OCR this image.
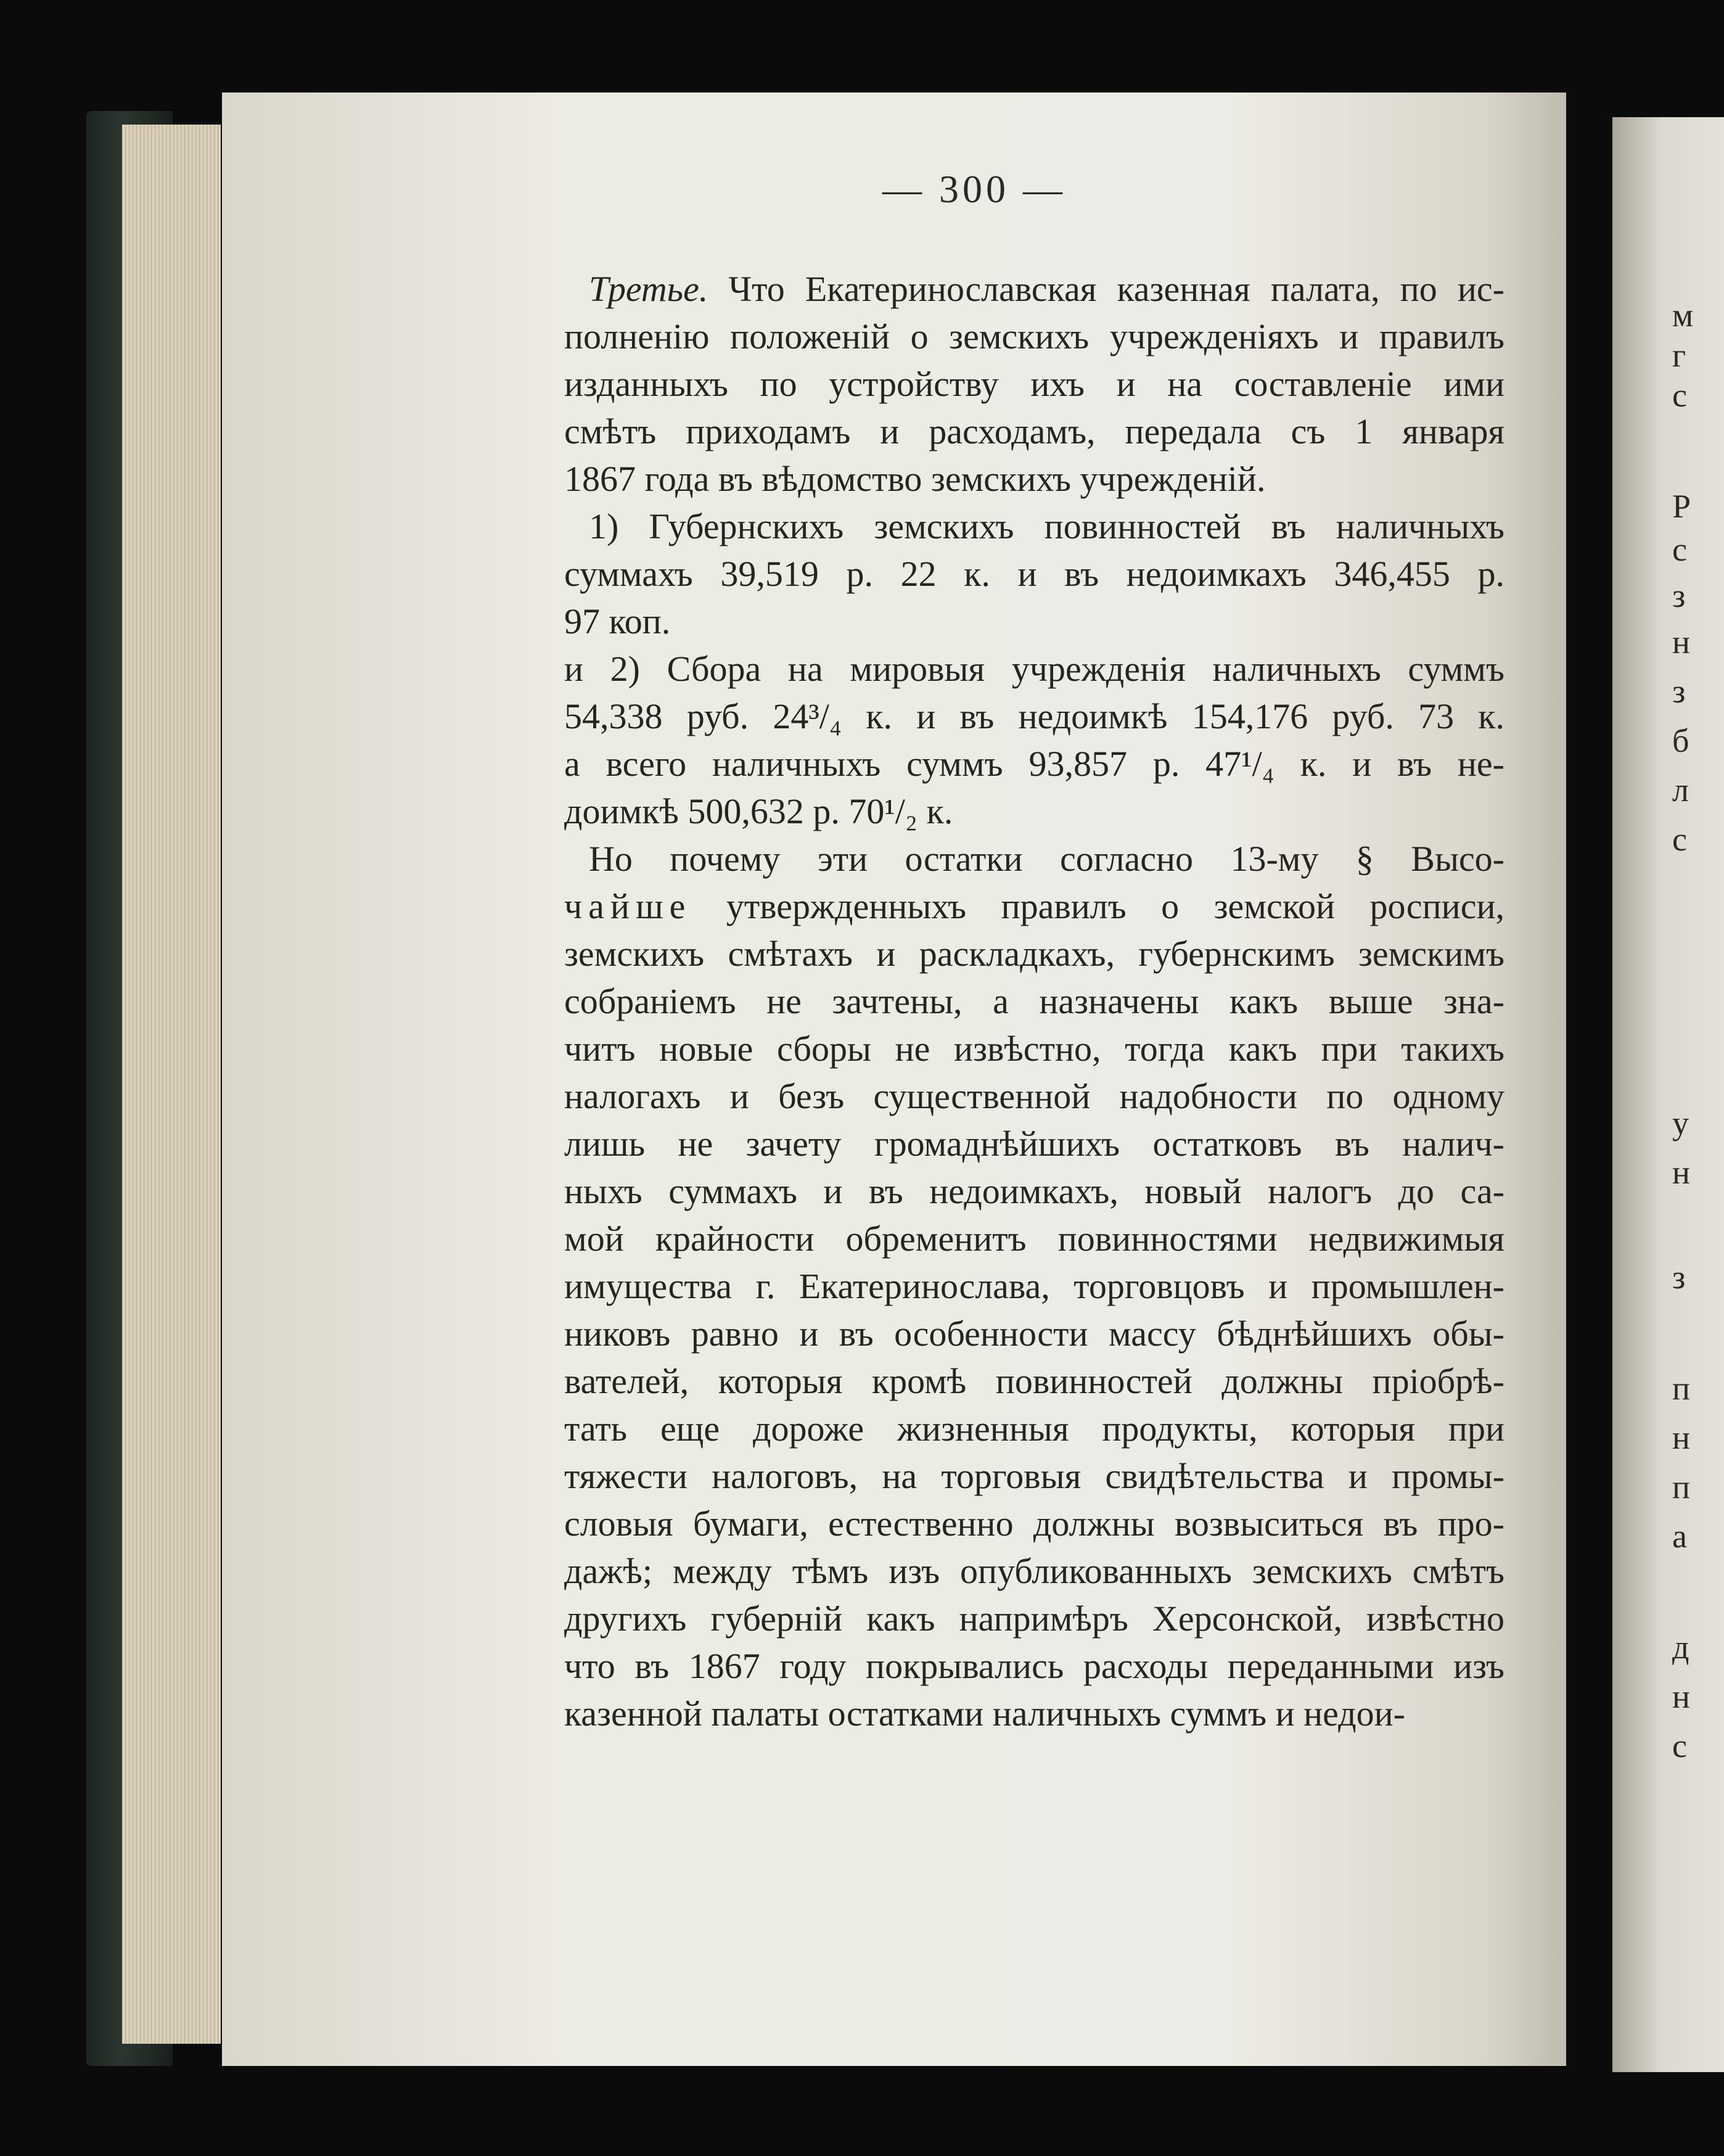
— 300 —
Третье. Что Екатеринославская казенная палата, по ис-
полненію положеній о земскихъ учрежденіяхъ и правилъ
изданныхъ по устройству ихъ и на составленіе ими
смѣтъ приходамъ и расходамъ, передала съ 1 января
1867 года въ вѣдомство земскихъ учрежденій.
1) Губернскихъ земскихъ повинностей въ наличныхъ
суммахъ 39,519 р. 22 к. и въ недоимкахъ 346,455 р.
97 коп.
и 2) Сбора на мировыя учрежденія наличныхъ суммъ
54,338 руб. 24³/₄ к. и въ недоимкѣ 154,176 руб. 73 к.
а всего наличныхъ суммъ 93,857 р. 47¹/₄ к. и въ не-
доимкѣ 500,632 р. 70¹/₂ к.
Но почему эти остатки согласно 13-му § Высо-
чайше утвержденныхъ правилъ о земской росписи,
земскихъ смѣтахъ и раскладкахъ, губернскимъ земскимъ
собраніемъ не зачтены, а назначены какъ выше зна-
читъ новые сборы не извѣстно, тогда какъ при такихъ
налогахъ и безъ существенной надобности по одному
лишь не зачету громаднѣйшихъ остатковъ въ налич-
ныхъ суммахъ и въ недоимкахъ, новый налогъ до са-
мой крайности обременитъ повинностями недвижимыя
имущества г. Екатеринослава, торговцовъ и промышлен-
никовъ равно и въ особенности массу бѣднѣйшихъ обы-
вателей, которыя кромѣ повинностей должны пріобрѣ-
тать еще дороже жизненныя продукты, которыя при
тяжести налоговъ, на торговыя свидѣтельства и промы-
словыя бумаги, естественно должны возвыситься въ про-
дажѣ; между тѣмъ изъ опубликованныхъ земскихъ смѣтъ
другихъ губерній какъ напримѣръ Херсонской, извѣстно
что въ 1867 году покрывались расходы переданными изъ
казенной палаты остатками наличныхъ суммъ и недои-
м
г
с
Р
с
з
н
з
б
л
с
у
н
з
п
н
п
а
д
н
с
